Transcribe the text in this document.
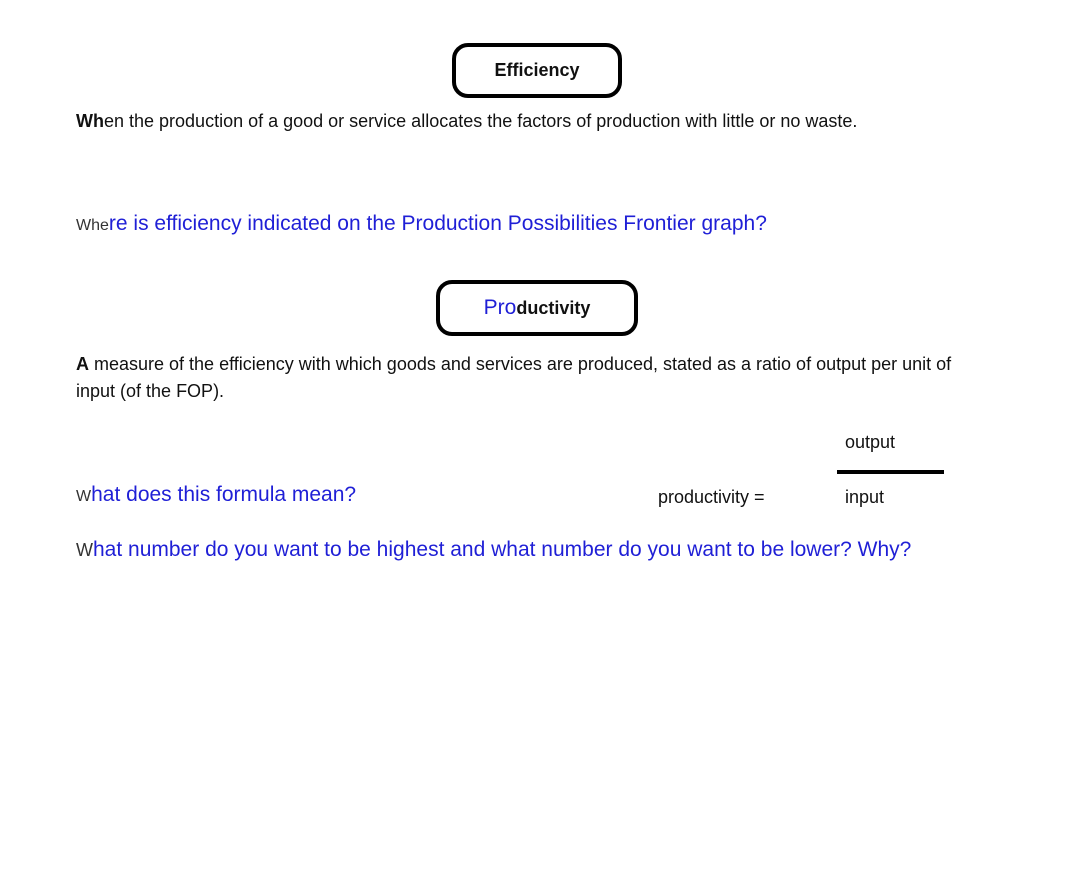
Efficiency

When the production of a good or service allocates the factors of production with little or no waste.

Where is efficiency indicated on the Production Possibilities Frontier graph?

Pro ductivity

A measure of the efficiency with which goods and services are produced, stated as a ratio of output per unit of input (of the FOP).

output

What does this formula mean?	productivity =	input

What number do you want to be highest and what number do you want to be lower? Why?
